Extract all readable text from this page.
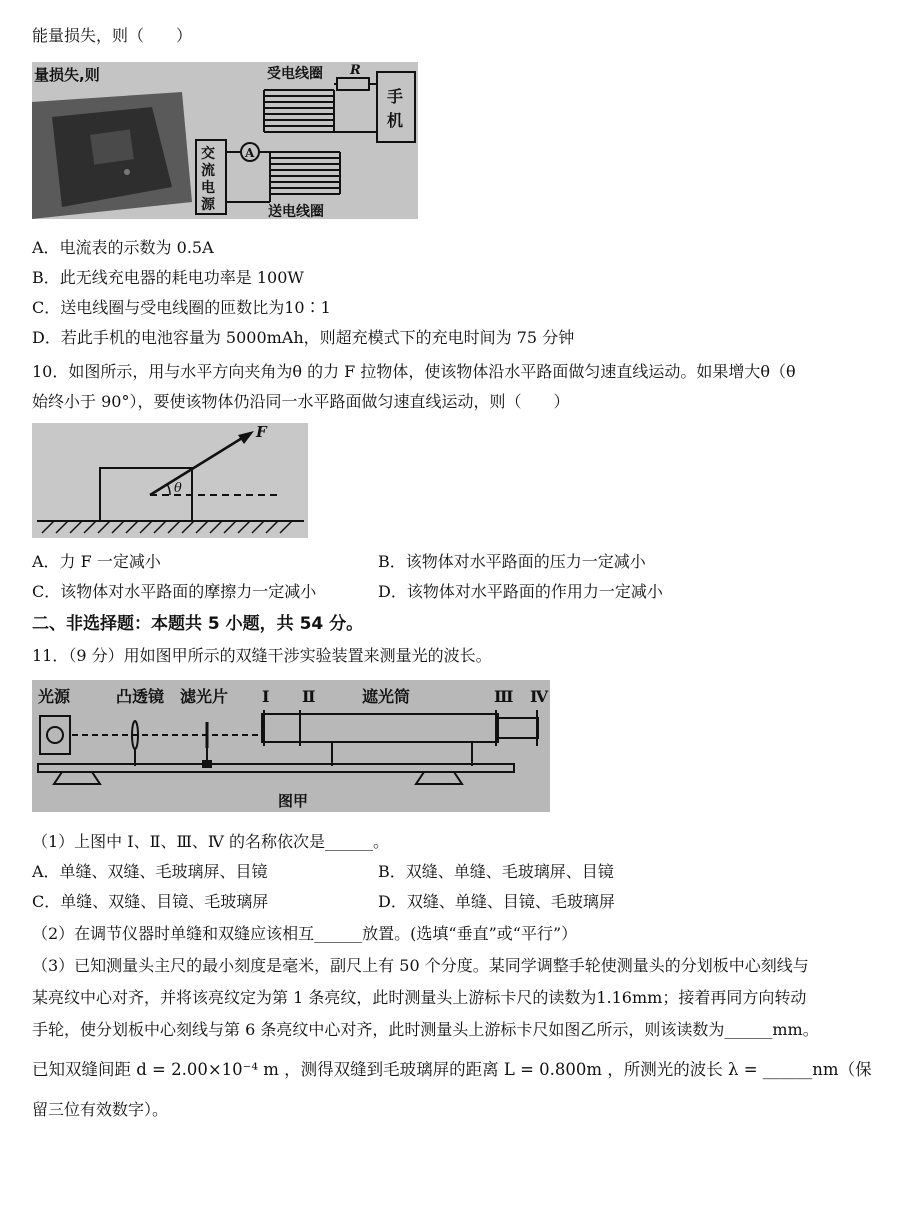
能量损失，则（　　）
量损失,则	受电线圈 R
手
机
交
流
电
源
A
送电线圈
A．电流表的示数为 0.5A
B．此无线充电器的耗电功率是 100W
C．送电线圈与受电线圈的匝数比为10∶1
D．若此手机的电池容量为 5000mAh，则超充模式下的充电时间为 75 分钟
10．如图所示，用与水平方向夹角为θ 的力 F 拉物体，使该物体沿水平路面做匀速直线运动。如果增大θ（θ
始终小于 90°），要使该物体仍沿同一水平路面做匀速直线运动，则（　　）
F
θ
A．力 F 一定减小	B．该物体对水平路面的压力一定减小
C．该物体对水平路面的摩擦力一定减小	D．该物体对水平路面的作用力一定减小
二、非选择题：本题共 5 小题，共 54 分。
11．（9 分）用如图甲所示的双缝干涉实验装置来测量光的波长。
光源	凸透镜 滤光片 Ⅰ Ⅱ	遮光筒	Ⅲ Ⅳ
图甲
（1）上图中 Ⅰ、Ⅱ、Ⅲ、Ⅳ 的名称依次是______。
A．单缝、双缝、毛玻璃屏、目镜	B．双缝、单缝、毛玻璃屏、目镜
C．单缝、双缝、目镜、毛玻璃屏	D．双缝、单缝、目镜、毛玻璃屏
（2）在调节仪器时单缝和双缝应该相互______放置。(选填“垂直”或“平行”）
（3）已知测量头主尺的最小刻度是毫米，副尺上有 50 个分度。某同学调整手轮使测量头的分划板中心刻线与
某亮纹中心对齐，并将该亮纹定为第 1 条亮纹，此时测量头上游标卡尺的读数为1.16mm；接着再同方向转动
手轮，使分划板中心刻线与第 6 条亮纹中心对齐，此时测量头上游标卡尺如图乙所示，则该读数为______mm。
已知双缝间距 d = 2.00×10⁻⁴ m ，测得双缝到毛玻璃屏的距离 L = 0.800m ，所测光的波长 λ = ______nm（保
留三位有效数字）。
